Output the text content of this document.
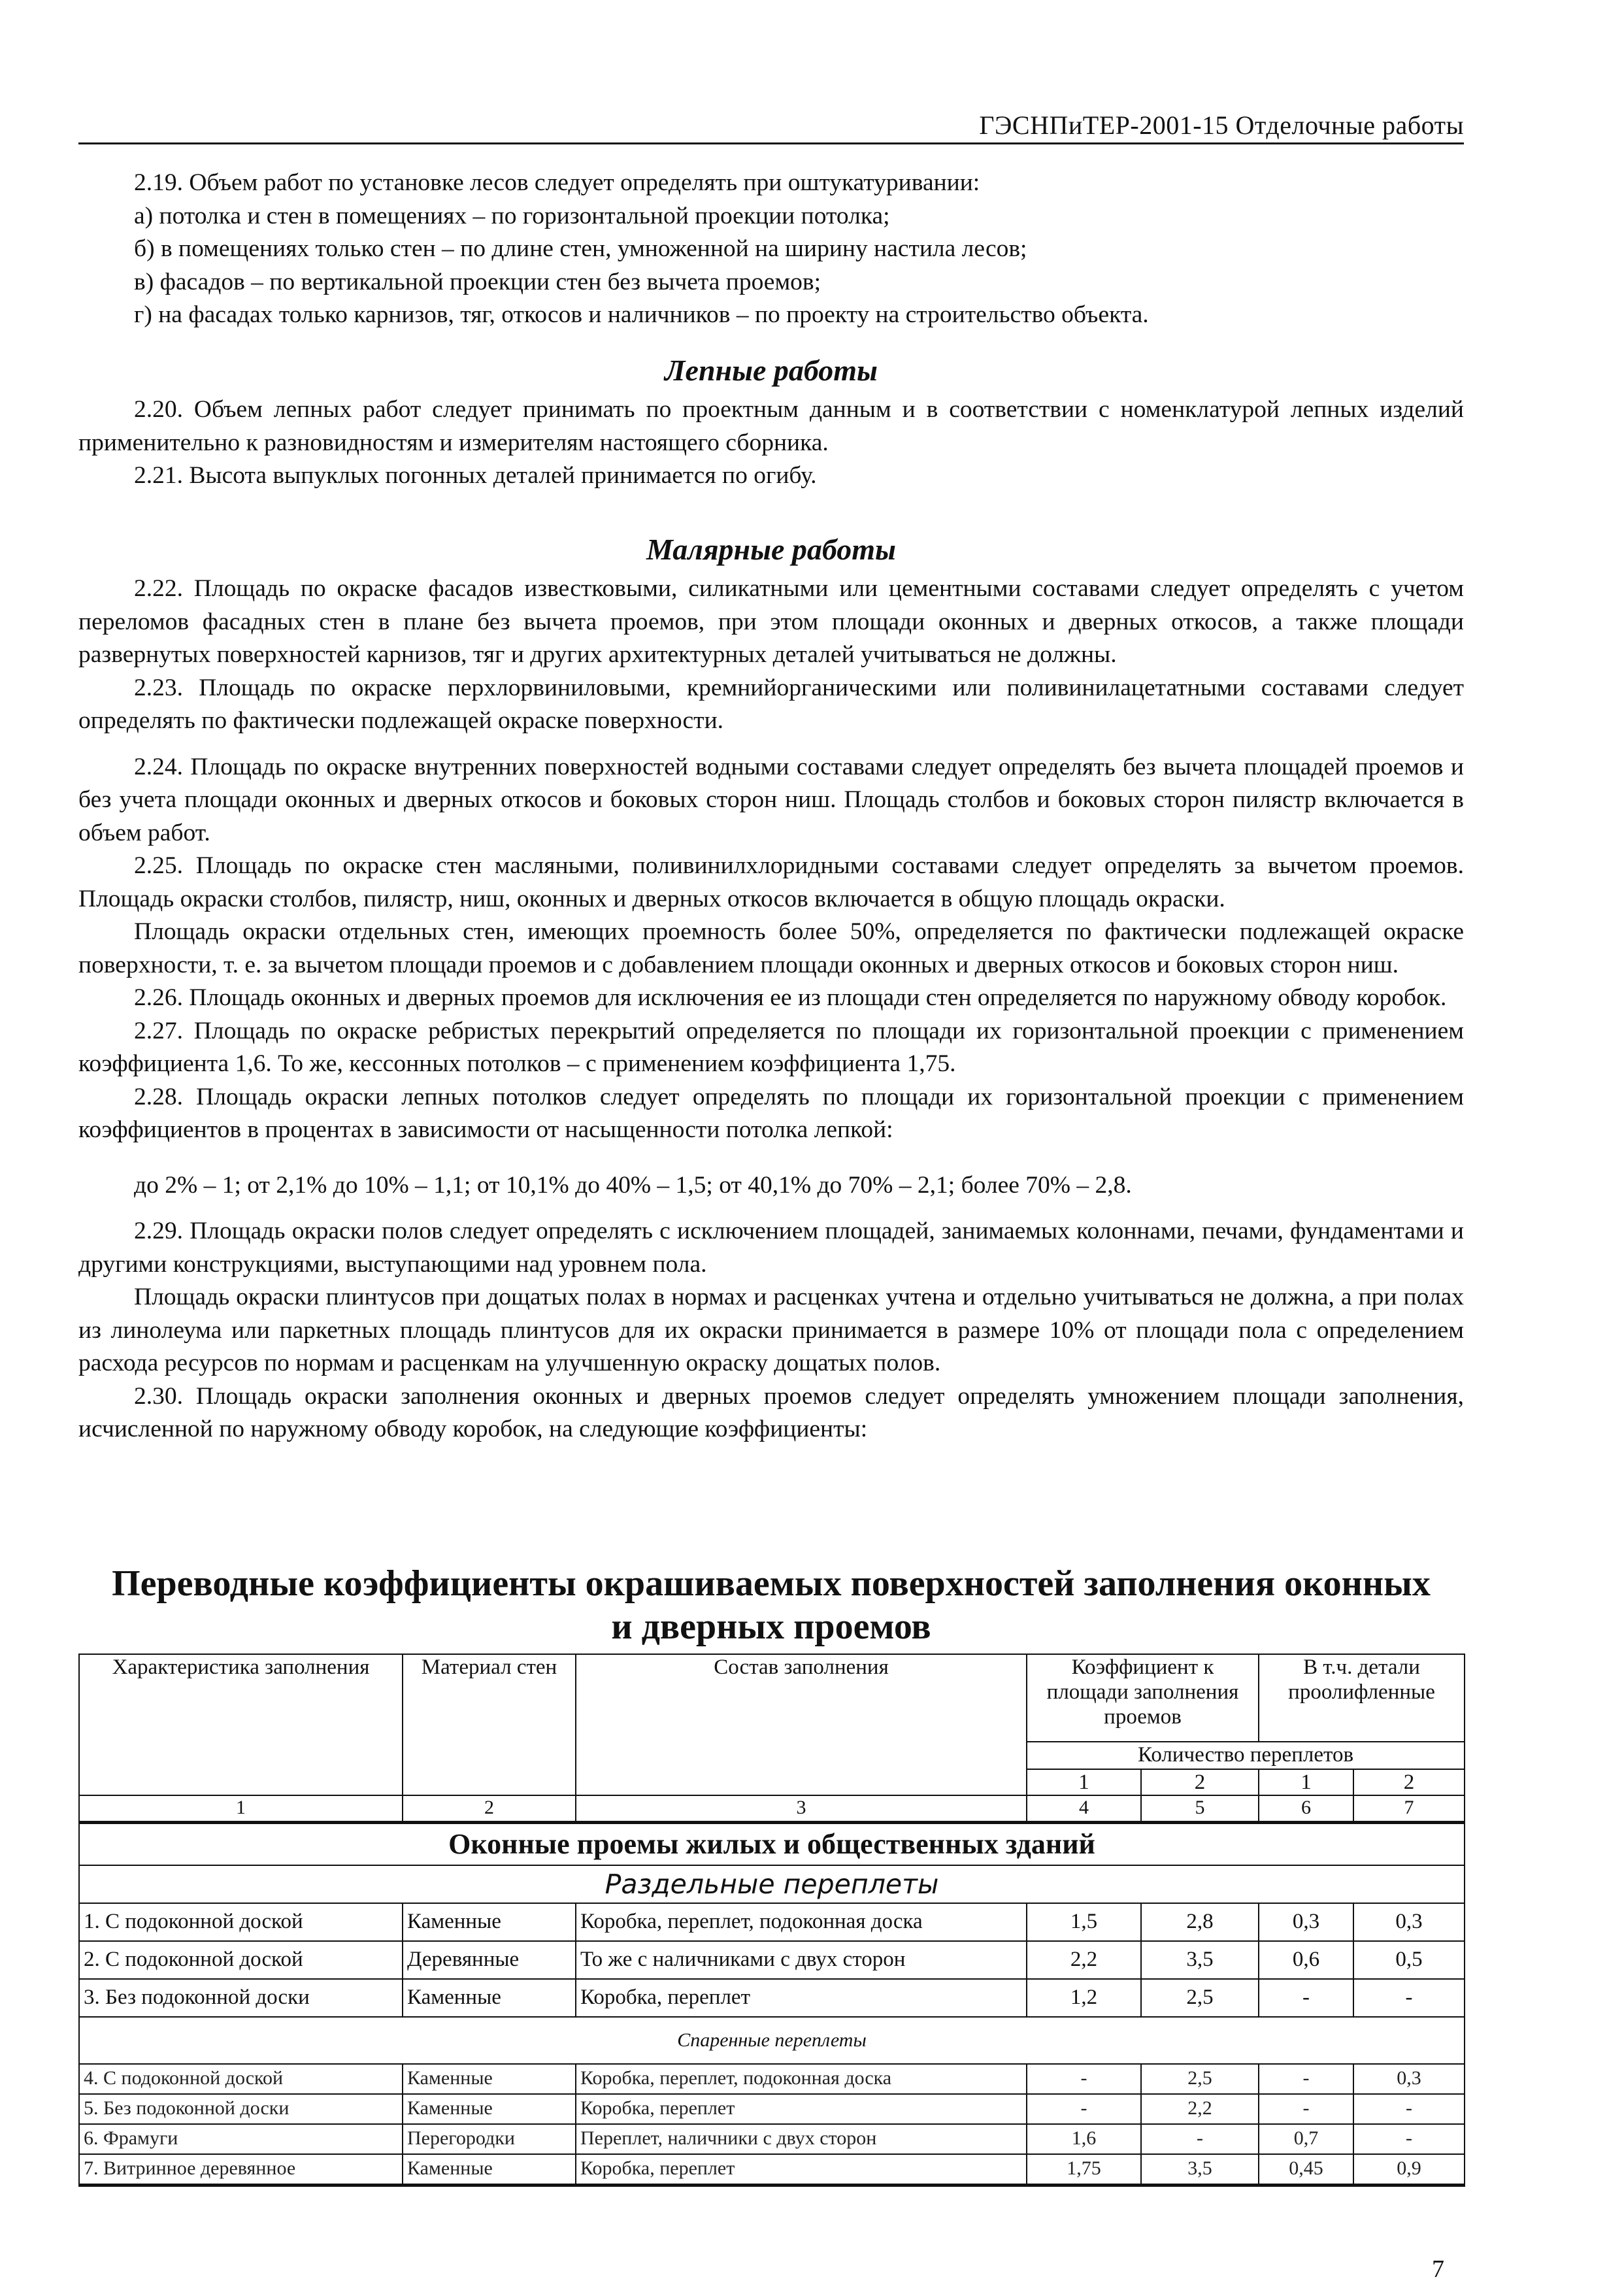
ГЭСНПиТЕР-2001-15 Отделочные работы

2.19. Объем работ по установке лесов следует определять при оштукатуривании:

а) потолка и стен в помещениях – по горизонтальной проекции потолка;

б) в помещениях только стен – по длине стен, умноженной на ширину настила лесов;

в) фасадов – по вертикальной проекции стен без вычета проемов;

г) на фасадах только карнизов, тяг, откосов и наличников – по проекту на строительство объекта.

Лепные работы

2.20. Объем лепных работ следует принимать по проектным данным и в соответствии с номенклатурой лепных изделий применительно к разновидностям и измерителям настоящего сборника.

2.21. Высота выпуклых погонных деталей принимается по огибу.

Малярные работы

2.22. Площадь по окраске фасадов известковыми, силикатными или цементными составами следует определять с учетом переломов фасадных стен в плане без вычета проемов, при этом площади оконных и дверных откосов, а также площади развернутых поверхностей карнизов, тяг и других архитектурных деталей учитываться не должны.

2.23. Площадь по окраске перхлорвиниловыми, кремнийорганическими или поливинилацетатными составами следует определять по фактически подлежащей окраске поверхности.

2.24. Площадь по окраске внутренних поверхностей водными составами следует определять без вычета площадей проемов и без учета площади оконных и дверных откосов и боковых сторон ниш. Площадь столбов и боковых сторон пилястр включается в объем работ.

2.25. Площадь по окраске стен масляными, поливинилхлоридными составами следует определять за вычетом проемов. Площадь окраски столбов, пилястр, ниш, оконных и дверных откосов включается в общую площадь окраски.

Площадь окраски отдельных стен, имеющих проемность более 50%, определяется по фактически подлежащей окраске поверхности, т. е. за вычетом площади проемов и с добавлением площади оконных и дверных откосов и боковых сторон ниш.

2.26. Площадь оконных и дверных проемов для исключения ее из площади стен определяется по наружному обводу коробок.

2.27. Площадь по окраске ребристых перекрытий определяется по площади их горизонтальной проекции с применением коэффициента 1,6. То же, кессонных потолков – с применением коэффициента 1,75.

2.28. Площадь окраски лепных потолков следует определять по площади их горизонтальной проекции с применением коэффициентов в процентах в зависимости от насыщенности потолка лепкой:

до 2% – 1; от 2,1% до 10% – 1,1; от 10,1% до 40% – 1,5; от 40,1% до 70% – 2,1; более 70% – 2,8.

2.29. Площадь окраски полов следует определять с исключением площадей, занимаемых колоннами, печами, фундаментами и другими конструкциями, выступающими над уровнем пола.

Площадь окраски плинтусов при дощатых полах в нормах и расценках учтена и отдельно учитываться не должна, а при полах из линолеума или паркетных площадь плинтусов для их окраски принимается в размере 10% от площади пола с определением расхода ресурсов по нормам и расценкам на улучшенную окраску дощатых полов.

2.30. Площадь окраски заполнения оконных и дверных проемов следует определять умножением площади заполнения, исчисленной по наружному обводу коробок, на следующие коэффициенты:

Переводные коэффициенты окрашиваемых поверхностей заполнения оконных
и дверных проемов
Характеристика заполнения	Материал стен	Состав заполнения	Коэффициент к площади заполнения проемов		В т.ч. детали проолифленные	
			Количество переплетов			
			1	2	1	2
1	2	3	4	5	6	7
Оконные проемы жилых и общественных зданий						
Раздельные переплеты						
1. С подоконной доской	Каменные	Коробка, переплет, подоконная доска	1,5	2,8	0,3	0,3
2. С подоконной доской	Деревянные	То же с наличниками с двух сторон	2,2	3,5	0,6	0,5
3. Без подоконной доски	Каменные	Коробка, переплет	1,2	2,5	-	-
Спаренные переплеты						
4. С подоконной доской	Каменные	Коробка, переплет, подоконная доска	-	2,5	-	0,3
5. Без подоконной доски	Каменные	Коробка, переплет	-	2,2	-	-
6. Фрамуги	Перегородки	Переплет, наличники с двух сторон	1,6	-	0,7	-
7. Витринное деревянное	Каменные	Коробка, переплет	1,75	3,5	0,45	0,9
7
